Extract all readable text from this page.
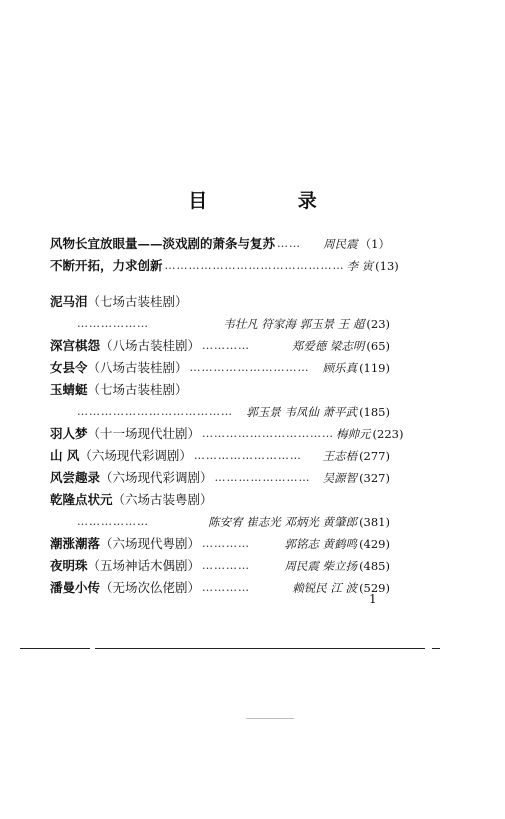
目 录
风物长宜放眼量——淡戏剧的萧条与复苏 ……	周民震 （1）
不断开拓，力求创新 ……………………………………… 李 寅 (13)
泥马泪 （七场古装桂剧）
………………	韦壮凡 符家海 郭玉景 王 超 (23)
深宫棋怨 （八场古装桂剧） …………	郑爱德 梁志明 (65)
女县令 （八场古装桂剧） …………………………	顾乐真 (119)
玉蜻蜓 （七场古装桂剧）
…………………………………	郭玉景 韦凤仙 萧平武 (185)
羽人梦 （十一场现代壮剧） …………………………… 梅帅元 (223)
山 风 （六场现代彩调剧） ………………………	王志梧 (277)
风尝趣录 （六场现代彩调剧） ……………………	吴源智 (327)
乾隆点状元 （六场古装粤剧）
………………	陈安宥 崔志光 邓炳光 黄肇郎 (381)
潮涨潮落 （六场现代粤剧） …………	郭铭志 黄鹤鸣 (429)
夜明珠 （五场神话木偶剧） …………	周民震 柴立扬 (485)
潘曼小传 （无场次仫佬剧） …………	赖锐民 江 波 (529)
1
